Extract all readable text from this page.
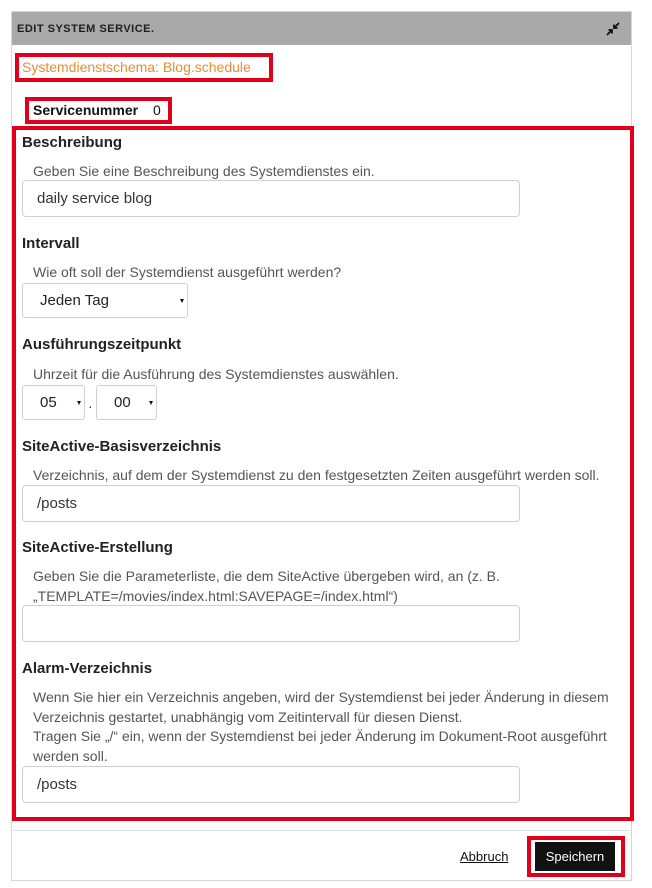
EDIT SYSTEM SERVICE.
Systemdienstschema: Blog.schedule
Servicenummer 0
Beschreibung
Geben Sie eine Beschreibung des Systemdienstes ein.
daily service blog
Intervall
Wie oft soll der Systemdienst ausgeführt werden?
Jeden Tag
Ausführungszeitpunkt
Uhrzeit für die Ausführung des Systemdienstes auswählen.
05	·	00
SiteActive-Basisverzeichnis
Verzeichnis, auf dem der Systemdienst zu den festgesetzten Zeiten ausgeführt werden soll.
/posts
SiteActive-Erstellung
Geben Sie die Parameterliste, die dem SiteActive übergeben wird, an (z. B.
„TEMPLATE=/movies/index.html:SAVEPAGE=/index.html“)
Alarm-Verzeichnis
Wenn Sie hier ein Verzeichnis angeben, wird der Systemdienst bei jeder Änderung in diesem
Verzeichnis gestartet, unabhängig vom Zeitintervall für diesen Dienst.
Tragen Sie „/“ ein, wenn der Systemdienst bei jeder Änderung im Dokument-Root ausgeführt
werden soll.
/posts
Abbruch	Speichern
